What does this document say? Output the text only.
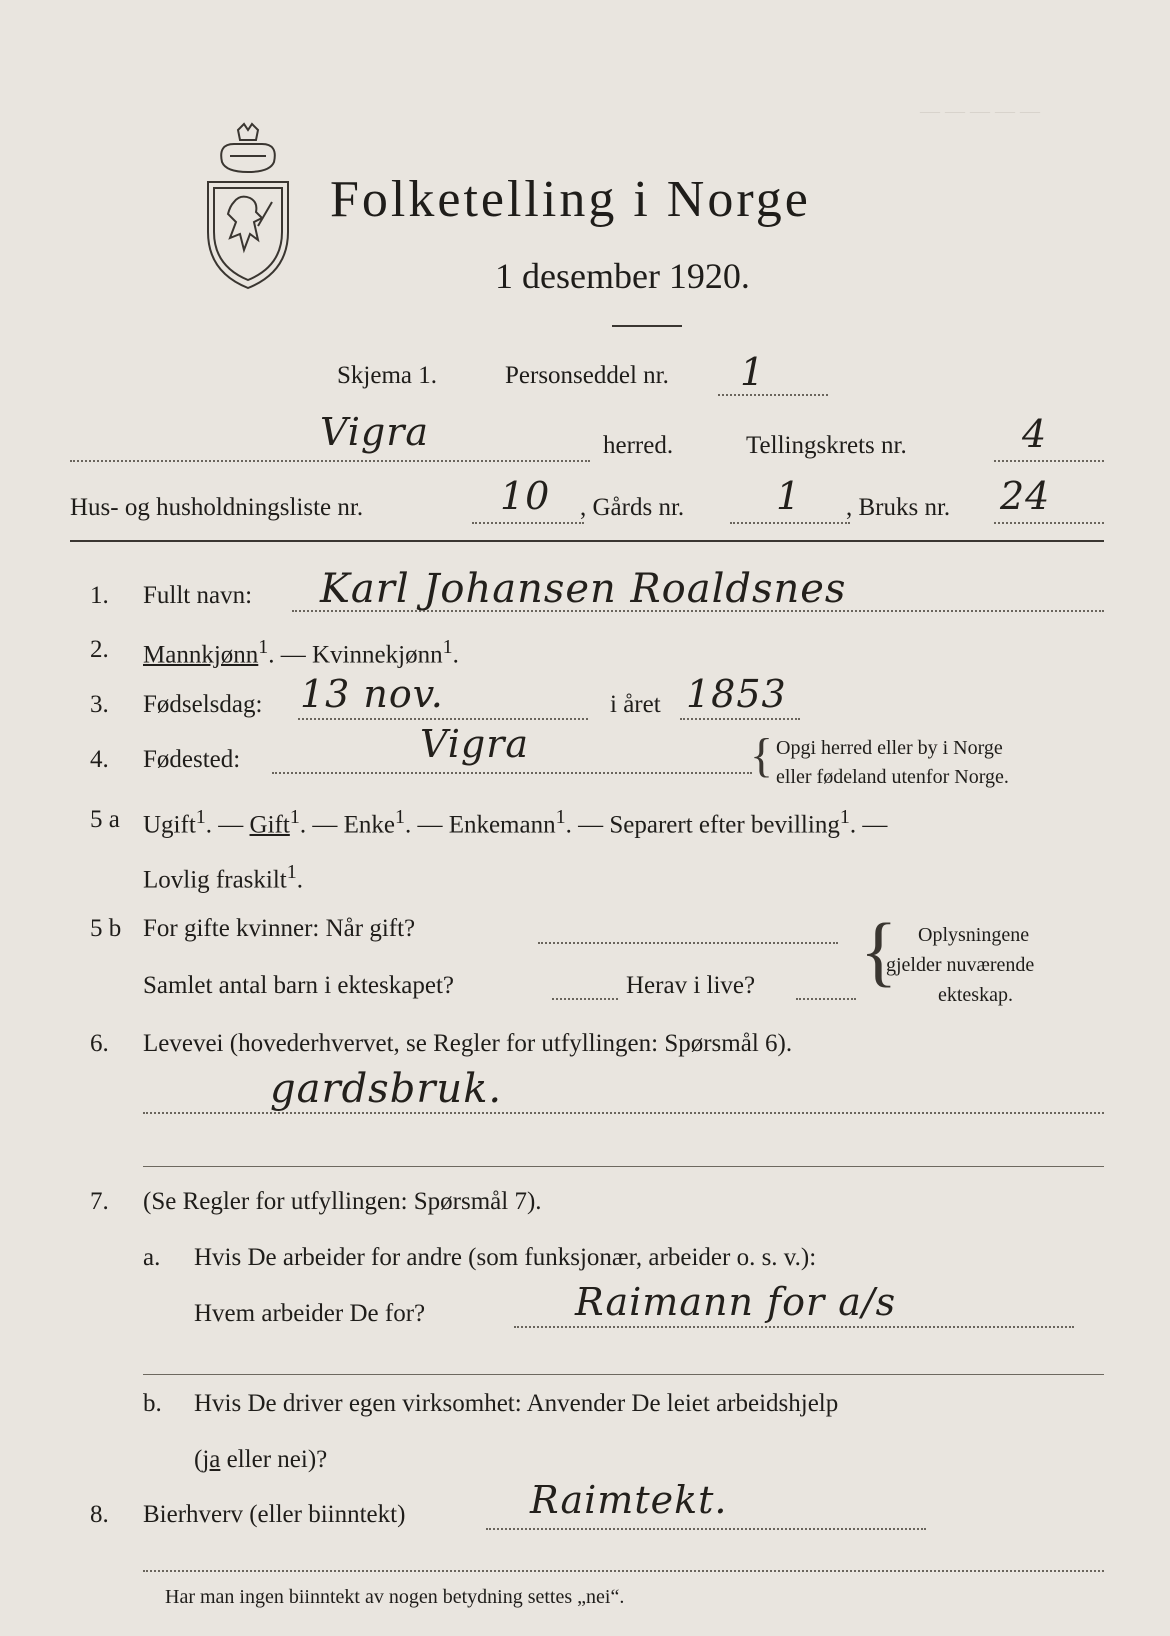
Folketelling i Norge
1 desember 1920.
— — — — —
Skjema 1.	Personseddel nr. 1
Vigra	herred.	Tellingskrets nr.	4
Hus- og husholdningsliste nr.	10 , Gårds nr. 1 , Bruks nr. 24
1. Fullt navn: Karl Johansen Roaldsnes
2. Mannkjønn$^1$. — Kvinnekjønn$^1$.
3. Fødselsdag: 13 nov.	i året 1853
4. Fødested:	Vigra	{ Opgi herred eller by i Norge
eller fødeland utenfor Norge.
5 a Ugift$^1$. — Gift$^1$. — Enke$^1$. — Enkemann$^1$. — Separert efter bevilling$^1$. —
Lovlig fraskilt$^1$.
5 b For gifte kvinner: Når gift?
Samlet antal barn i ekteskapet?	Herav i live? { Oplysningene
gjelder nuværende
ekteskap.
6. Levevei (hovederhvervet, se Regler for utfyllingen: Spørsmål 6).
gardsbruk.
7. (Se Regler for utfyllingen: Spørsmål 7).
a. Hvis De arbeider for andre (som funksjonær, arbeider o. s. v.):
Hvem arbeider De for?	Raimann for a/s
b. Hvis De driver egen virksomhet: Anvender De leiet arbeidshjelp
(ja eller nei)?
8. Bierhverv (eller biinntekt)	Raimtekt.
Har man ingen biinntekt av nogen betydning settes „nei“.
